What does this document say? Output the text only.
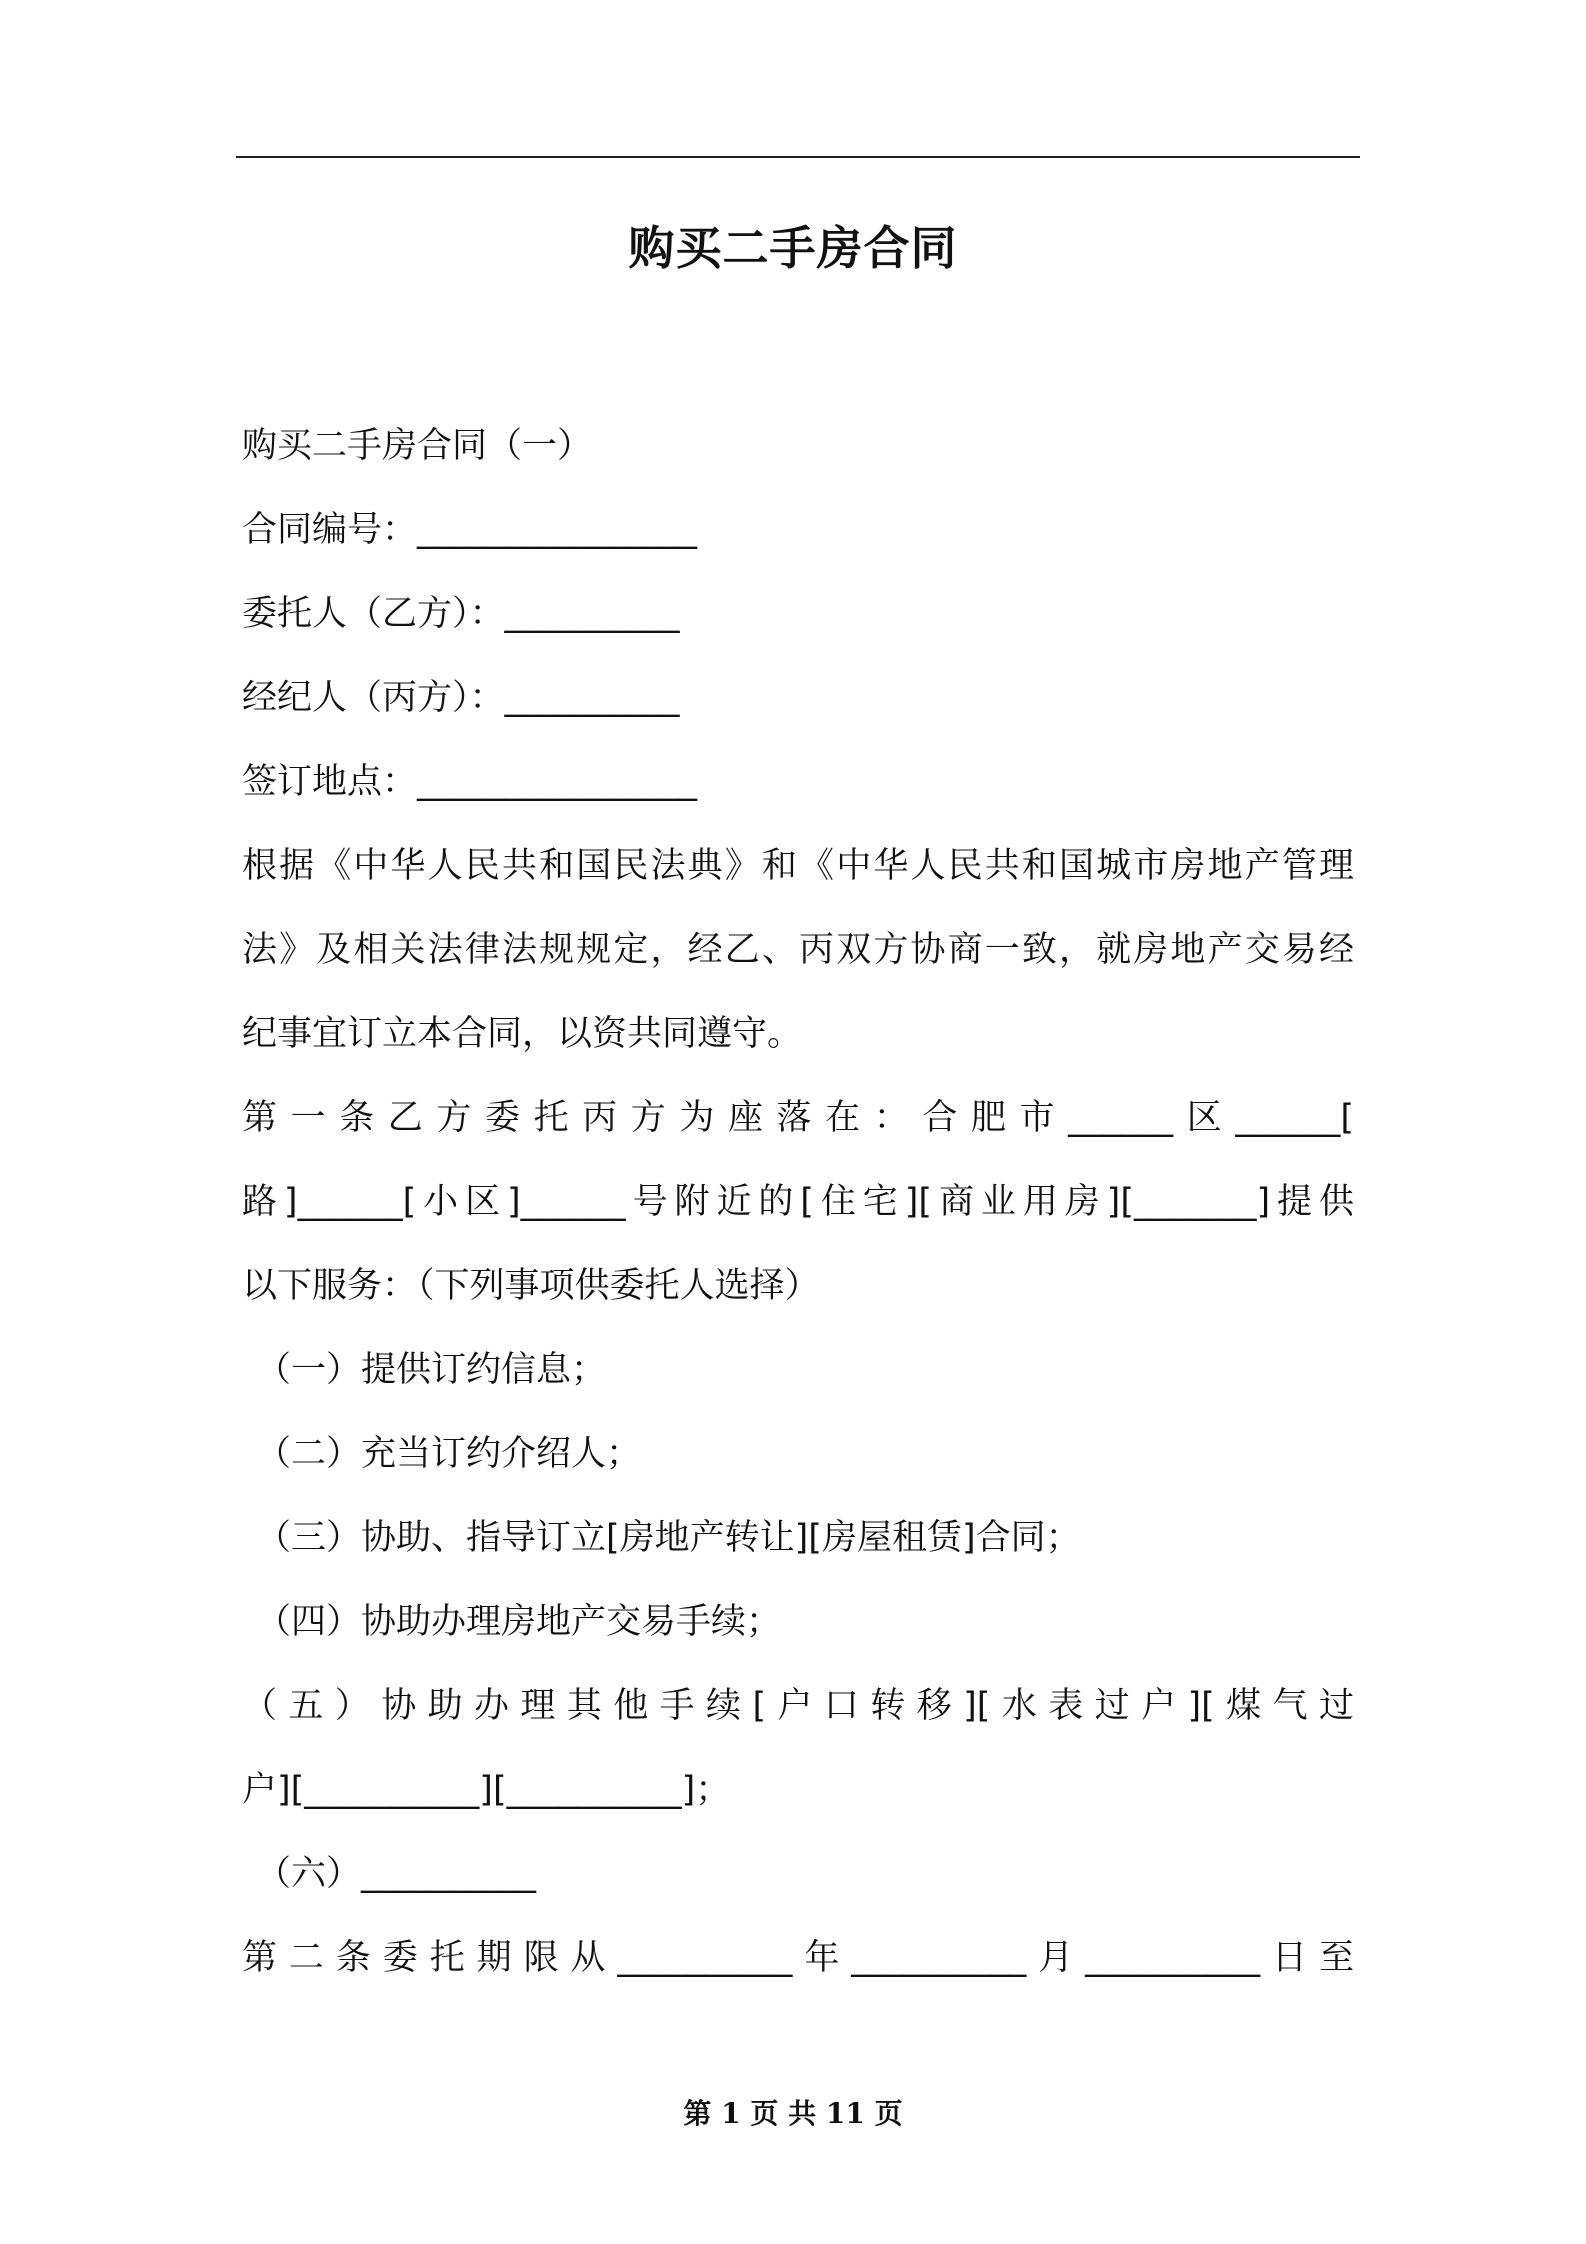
购买二手房合同
购买二手房合同（一）
合同编号：________________
委托人（乙方）：__________
经纪人（丙方）：__________
签订地点：________________
根据《中华人民共和国民法典》和《中华人民共和国城市房地产管理
法》及相关法律法规规定，经乙、丙双方协商一致，就房地产交易经
纪事宜订立本合同，以资共同遵守。
第一条乙方委托丙方为座落在：合肥市______区______[
路]______[小区]______号附近的[住宅][商业用房][_______]提供
以下服务：（下列事项供委托人选择）
（一）提供订约信息；
（二）充当订约介绍人；
（三）协助、指导订立[房地产转让][房屋租赁]合同；
（四）协助办理房地产交易手续；
（五）协助办理其他手续[户口转移][水表过户][煤气过
户][__________][__________]；
（六）__________
第二条委托期限从__________年__________月__________日至
第 1 页 共 11 页
